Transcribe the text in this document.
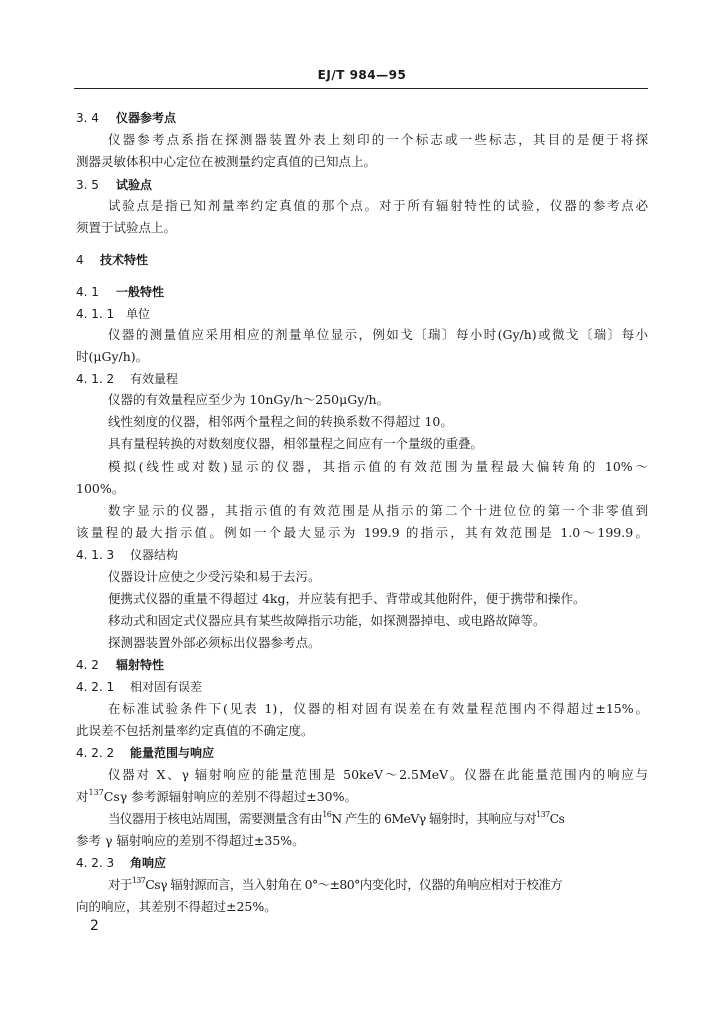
EJ/T 984—95
3. 4 仪器参考点
仪器参考点系指在探测器装置外表上刻印的一个标志或一些标志，其目的是便于将探
测器灵敏体积中心定位在被测量约定真值的已知点上。
3. 5 试验点
试验点是指已知剂量率约定真值的那个点。对于所有辐射特性的试验，仪器的参考点必
须置于试验点上。
4 技术特性
4. 1 一般特性
4. 1. 1 单位
仪器的测量值应采用相应的剂量单位显示，例如戈〔瑞〕每小时(Gy/h)或微戈〔瑞〕每小
时(μGy/h)。
4. 1. 2 有效量程
仪器的有效量程应至少为 10nGy/h～250μGy/h。
线性刻度的仪器，相邻两个量程之间的转换系数不得超过 10。
具有量程转换的对数刻度仪器，相邻量程之间应有一个量级的重叠。
模拟(线性或对数)显示的仪器，其指示值的有效范围为量程最大偏转角的 10%～
100%。
数字显示的仪器，其指示值的有效范围是从指示的第二个十进位位的第一个非零值到
该量程的最大指示值。例如一个最大显示为 199.9 的指示，其有效范围是 1.0～199.9。
4. 1. 3 仪器结构
仪器设计应使之少受污染和易于去污。
便携式仪器的重量不得超过 4kg，并应装有把手、背带或其他附件，便于携带和操作。
移动式和固定式仪器应具有某些故障指示功能，如探测器掉电、或电路故障等。
探测器装置外部必须标出仪器参考点。
4. 2 辐射特性
4. 2. 1 相对固有误差
在标准试验条件下(见表 1)，仪器的相对固有误差在有效量程范围内不得超过±15%。
此误差不包括剂量率约定真值的不确定度。
4. 2. 2 能量范围与响应
仪器对 X、γ 辐射响应的能量范围是 50keV～2.5MeV。仪器在此能量范围内的响应与
对$^{137}$Csγ 参考源辐射响应的差别不得超过±30%。
当仪器用于核电站周围，需要测量含有由$^{16}$N 产生的 6MeVγ 辐射时，其响应与对$^{137}$Cs
参考 γ 辐射响应的差别不得超过±35%。
4. 2. 3 角响应
对于$^{137}$Csγ 辐射源而言，当入射角在 0°～±80°内变化时，仪器的角响应相对于校准方
向的响应，其差别不得超过±25%。
2
